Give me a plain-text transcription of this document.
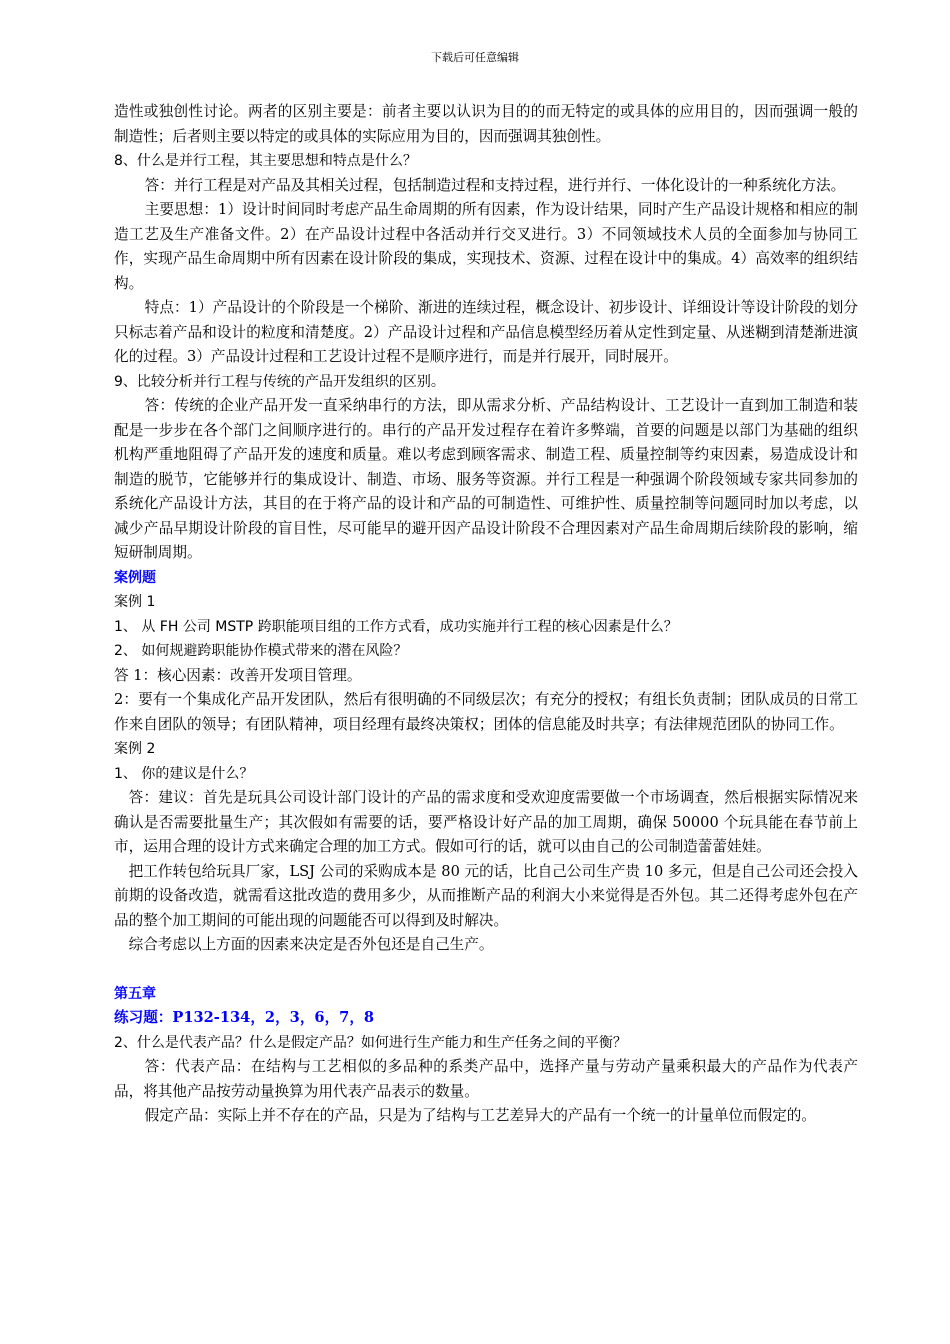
下载后可任意编辑

造性或独创性讨论。两者的区别主要是：前者主要以认识为目的的而无特定的或具体的应用目的，因而强调一般的制造性；后者则主要以特定的或具体的实际应用为目的，因而强调其独创性。

8、什么是并行工程，其主要思想和特点是什么？

答：并行工程是对产品及其相关过程，包括制造过程和支持过程，进行并行、一体化设计的一种系统化方法。

主要思想：1）设计时间同时考虑产品生命周期的所有因素，作为设计结果，同时产生产品设计规格和相应的制造工艺及生产准备文件。2）在产品设计过程中各活动并行交叉进行。3）不同领域技术人员的全面参加与协同工作，实现产品生命周期中所有因素在设计阶段的集成，实现技术、资源、过程在设计中的集成。4）高效率的组织结构。

特点：1）产品设计的个阶段是一个梯阶、渐进的连续过程，概念设计、初步设计、详细设计等设计阶段的划分只标志着产品和设计的粒度和清楚度。2）产品设计过程和产品信息模型经历着从定性到定量、从迷糊到清楚渐进演化的过程。3）产品设计过程和工艺设计过程不是顺序进行，而是并行展开，同时展开。

9、比较分析并行工程与传统的产品开发组织的区别。

答：传统的企业产品开发一直采纳串行的方法，即从需求分析、产品结构设计、工艺设计一直到加工制造和装配是一步步在各个部门之间顺序进行的。串行的产品开发过程存在着许多弊端，首要的问题是以部门为基础的组织机构严重地阻碍了产品开发的速度和质量。难以考虑到顾客需求、制造工程、质量控制等约束因素，易造成设计和制造的脱节，它能够并行的集成设计、制造、市场、服务等资源。并行工程是一种强调个阶段领域专家共同参加的系统化产品设计方法，其目的在于将产品的设计和产品的可制造性、可维护性、质量控制等问题同时加以考虑，以减少产品早期设计阶段的盲目性，尽可能早的避开因产品设计阶段不合理因素对产品生命周期后续阶段的影响，缩短研制周期。

案例题

案例 1

1、 从 FH 公司 MSTP 跨职能项目组的工作方式看，成功实施并行工程的核心因素是什么？

2、 如何规避跨职能协作模式带来的潜在风险？

答 1：核心因素：改善开发项目管理。

2：要有一个集成化产品开发团队，然后有很明确的不同级层次；有充分的授权；有组长负责制；团队成员的日常工作来自团队的领导；有团队精神，项目经理有最终决策权；团体的信息能及时共享；有法律规范团队的协同工作。

案例 2

1、 你的建议是什么？

答：建议：首先是玩具公司设计部门设计的产品的需求度和受欢迎度需要做一个市场调查，然后根据实际情况来确认是否需要批量生产；其次假如有需要的话，要严格设计好产品的加工周期，确保 50000 个玩具能在春节前上市，运用合理的设计方式来确定合理的加工方式。假如可行的话，就可以由自己的公司制造蕾蕾娃娃。

把工作转包给玩具厂家，LSJ 公司的采购成本是 80 元的话，比自己公司生产贵 10 多元，但是自己公司还会投入前期的设备改造，就需看这批改造的费用多少，从而推断产品的利润大小来觉得是否外包。其二还得考虑外包在产品的整个加工期间的可能出现的问题能否可以得到及时解决。

综合考虑以上方面的因素来决定是否外包还是自己生产。

第五章

练习题：P132-134，2，3，6，7，8

2、什么是代表产品？什么是假定产品？如何进行生产能力和生产任务之间的平衡？

答：代表产品：在结构与工艺相似的多品种的系类产品中，选择产量与劳动产量乘积最大的产品作为代表产品，将其他产品按劳动量换算为用代表产品表示的数量。

假定产品：实际上并不存在的产品，只是为了结构与工艺差异大的产品有一个统一的计量单位而假定的。
